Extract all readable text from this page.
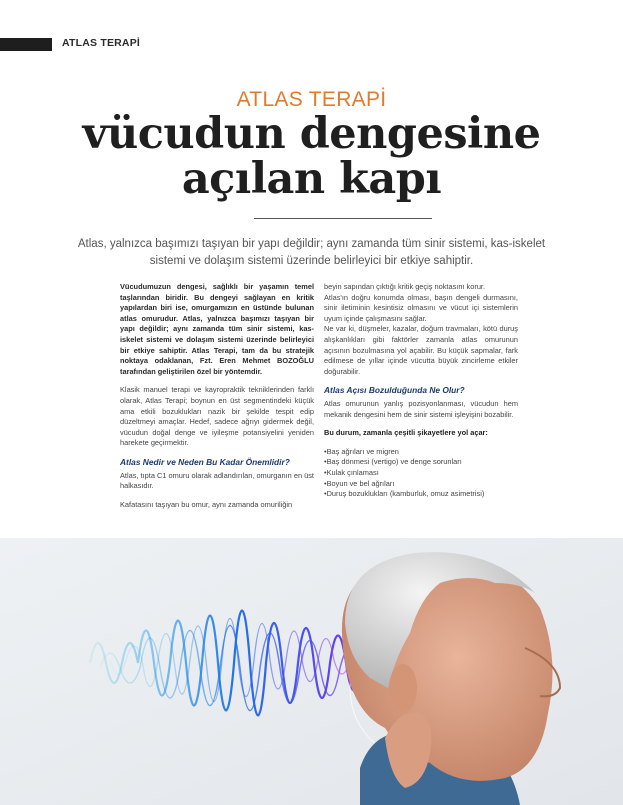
ATLAS TERAPİ
ATLAS TERAPİ
vücudun dengesine
açılan kapı
Atlas, yalnızca başımızı taşıyan bir yapı değildir; aynı zamanda tüm sinir sistemi, kas-iskelet sistemi ve dolaşım sistemi üzerinde belirleyici bir etkiye sahiptir.

Vücudumuzun dengesi, sağlıklı bir yaşamın temel taşlarından biridir. Bu dengeyi sağlayan en kritik yapılardan biri ise, omurgamızın en üstünde bulunan atlas omurudur. Atlas, yalnızca başımızı taşıyan bir yapı değildir; aynı zamanda tüm sinir sistemi, kas-iskelet sistemi ve dolaşım sistemi üzerinde belirleyici bir etkiye sahiptir. Atlas Terapi, tam da bu stratejik noktaya odaklanan, Fzt. Eren Mehmet BOZOĞLU tarafından geliştirilen özel bir yöntemdir.

Klasik manuel terapi ve kayropraktik tekniklerinden farklı olarak, Atlas Terapi; boynun en üst segmentindeki küçük ama etkili bozuklukları nazik bir şekilde tespit edip düzeltmeyi amaçlar. Hedef, sadece ağrıyı gidermek değil, vücudun doğal denge ve iyileşme potansiyelini yeniden harekete geçirmektir.

Atlas Nedir ve Neden Bu Kadar Önemlidir?

Atlas, tıpta C1 omuru olarak adlandırılan, omurganın en üst halkasıdır.

Kafatasını taşıyan bu omur, aynı zamanda omuriliğin

beyin sapından çıktığı kritik geçiş noktasını korur.

Atlas'ın doğru konumda olması, başın dengeli durmasını, sinir iletiminin kesintisiz olmasını ve vücut içi sistemlerin uyum içinde çalışmasını sağlar.

Ne var ki, düşmeler, kazalar, doğum travmaları, kötü duruş alışkanlıkları gibi faktörler zamanla atlas omurunun açısının bozulmasına yol açabilir. Bu küçük sapmalar, fark edilmese de yıllar içinde vücutta büyük zincirleme etkiler doğurabilir.

Atlas Açısı Bozulduğunda Ne Olur?

Atlas omurunun yanlış pozisyonlanması, vücudun hem mekanik dengesini hem de sinir sistemi işleyişini bozabilir.

Bu durum, zamanla çeşitli şikayetlere yol açar:

• Baş ağrıları ve migren
• Baş dönmesi (vertigo) ve denge sorunları
• Kulak çınlaması
• Boyun ve bel ağrıları
• Duruş bozuklukları (kamburluk, omuz asimetrisi)
